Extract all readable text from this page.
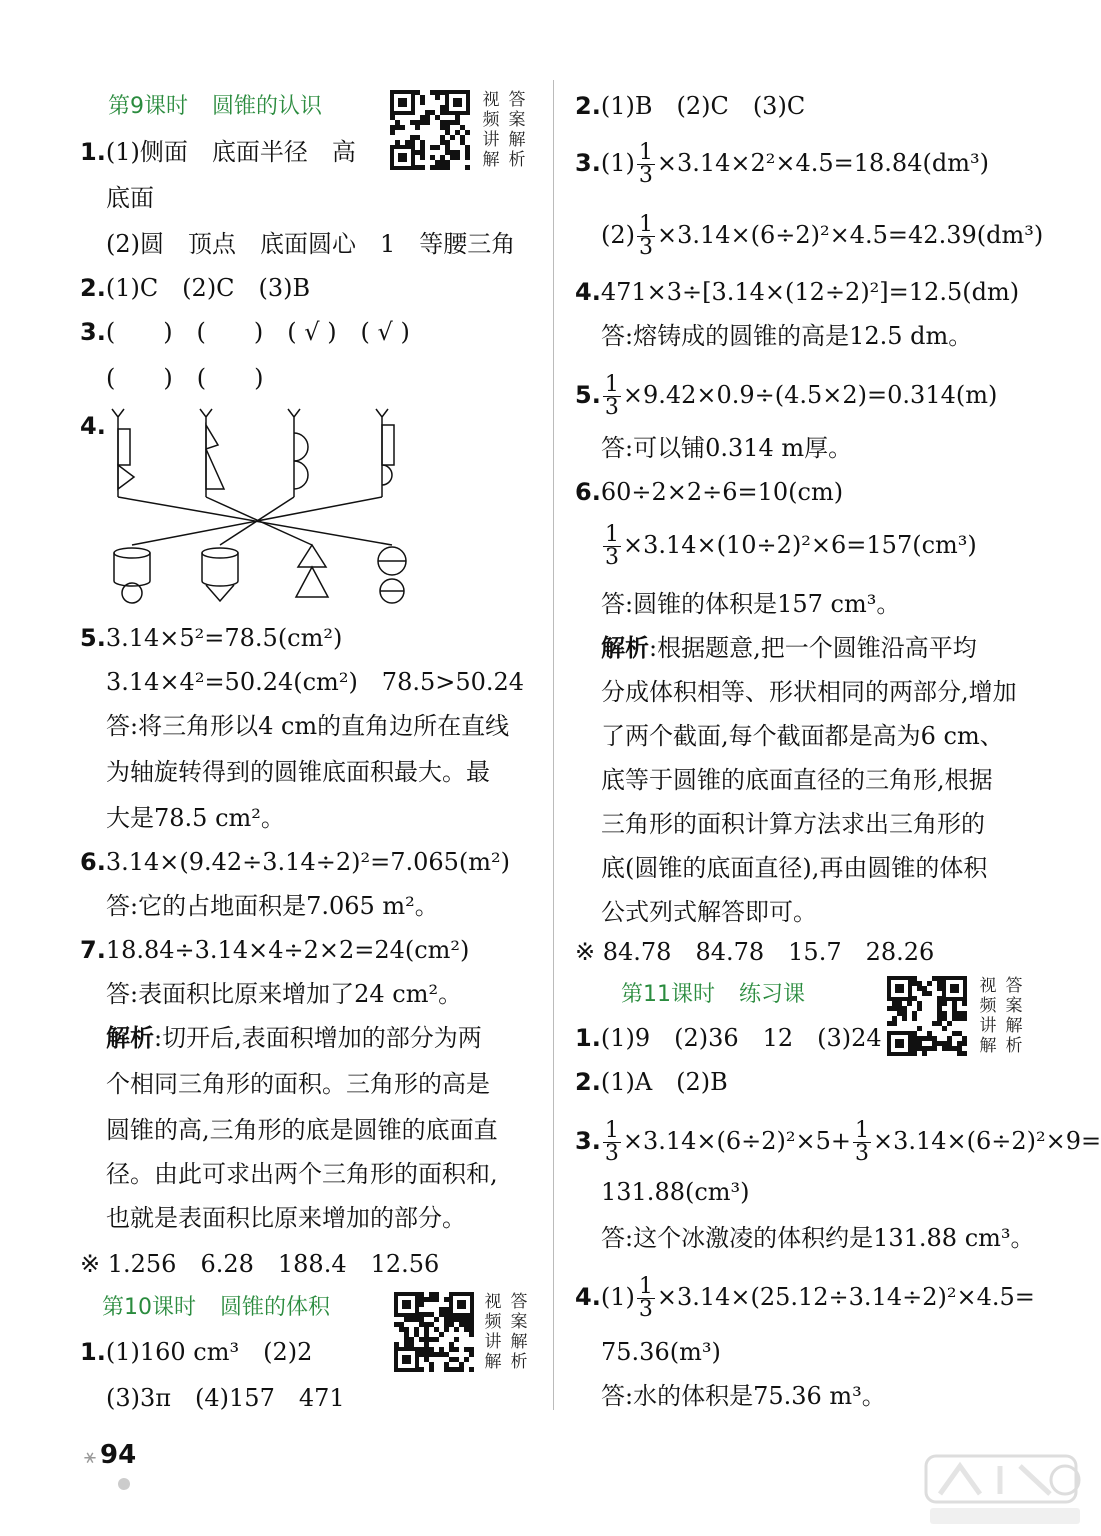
第9课时 圆锥的认识	视 答
频 案
讲 解
解 析
1.(1)侧面　底面半径　高
底面
(2)圆　顶点　底面圆心　1　等腰三角
2.(1)C　(2)C　(3)B
3.(　　)　(　　)　( √ )　( √ )
(　　)　(　　)
4.
5.3.14×5²=78.5(cm²)
3.14×4²=50.24(cm²)　78.5>50.24
答:将三角形以4 cm的直角边所在直线
为轴旋转得到的圆锥底面积最大。最
大是78.5 cm²。
6.3.14×(9.42÷3.14÷2)²=7.065(m²)
答:它的占地面积是7.065 m²。
7.18.84÷3.14×4÷2×2=24(cm²)
答:表面积比原来增加了24 cm²。
解析:切开后,表面积增加的部分为两
个相同三角形的面积。三角形的高是
圆锥的高,三角形的底是圆锥的底面直
径。由此可求出两个三角形的面积和,
也就是表面积比原来增加的部分。
※ 1.256　6.28　188.4　12.56
第10课时 圆锥的体积	视 答
频 案
讲 解
解 析
1.(1)160 cm³　(2)2
(3)3π　(4)157　471
2.(1)B　(2)C　(3)C
$3.(1) \frac{1}{3} \times 3.14\times 2^2\times 4.5=18.84(dm^3)$
$(2) \frac{1}{3} \times 3.14\times(6\div 2)^2\times 4.5=42.39(dm^3)$
4.471×3÷[3.14×(12÷2)²]=12.5(dm)
答:熔铸成的圆锥的高是12.5 dm。
5. $\frac{1}{3} \times 9.42\times 0.9\div(4.5\times 2)=0.314(m)$
答:可以铺0.314 m厚。
6.60÷2×2÷6=10(cm)
$\frac{1}{3} \times 3.14\times(10\div 2)^2\times 6=157(cm^3)$
答:圆锥的体积是157 cm³。
解析:根据题意,把一个圆锥沿高平均
分成体积相等、形状相同的两部分,增加
了两个截面,每个截面都是高为6 cm、
底等于圆锥的底面直径的三角形,根据
三角形的面积计算方法求出三角形的
底(圆锥的底面直径),再由圆锥的体积
公式列式解答即可。
※ 84.78　84.78　15.7　28.26
第11课时 练习课	视 答
频 案
讲 解
解 析
1.(1)9　(2)36　12　(3)24
2.(1)A　(2)B
3. $\frac{1}{3} \times 3.14\times(6\div 2)^2\times 5+ \frac{1}{3} \times 3.14\times(6\div 2)^2\times 9=$
131.88(cm³)
答:这个冰激凌的体积约是131.88 cm³。
$4.(1) \frac{1}{3} \times 3.14\times(25.12\div 3.14\div 2)^2\times 4.5=$
75.36(m³)
答:水的体积是75.36 m³。
⚹ 94
